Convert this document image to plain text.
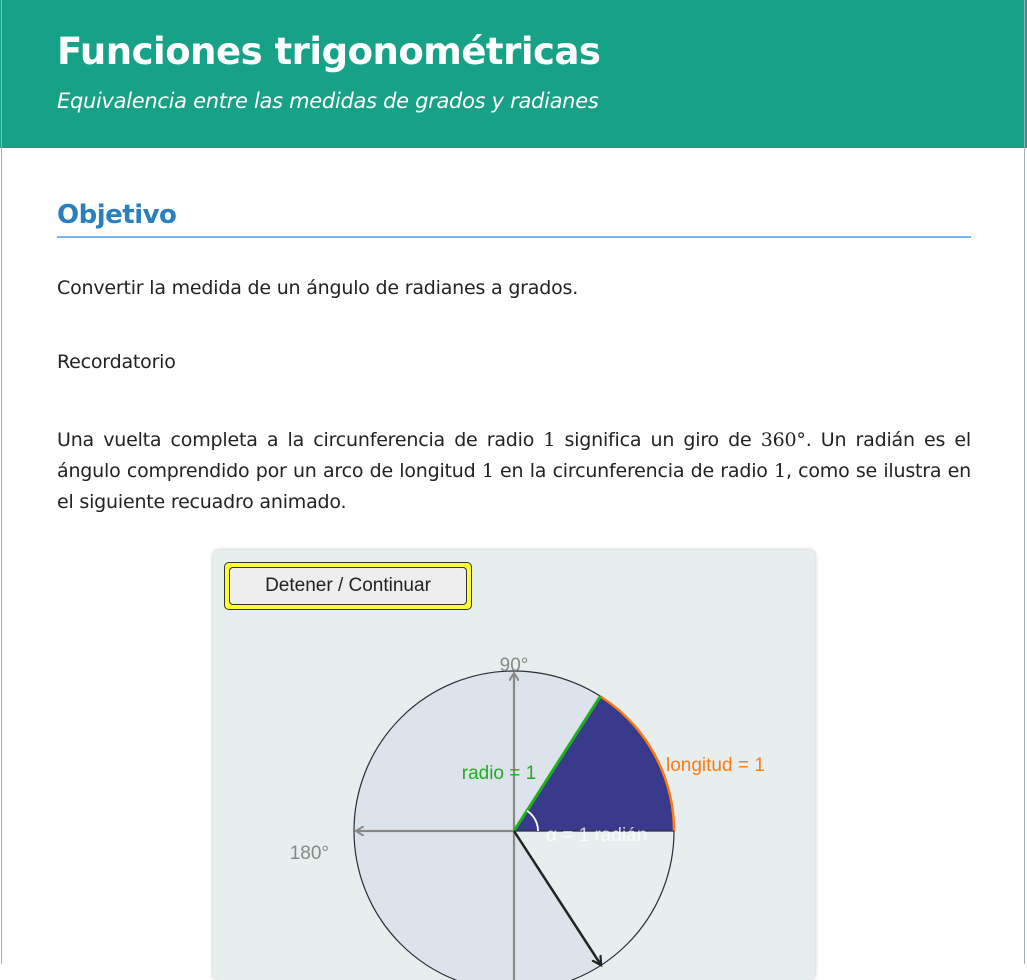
Funciones trigonométricas
Equivalencia entre las medidas de grados y radianes
Objetivo
Convertir la medida de un ángulo de radianes a grados.
Recordatorio
Una vuelta completa a la circunferencia de radio 1 significa un giro de 360°. Un radián es el ángulo comprendido por un arco de longitud 1 en la circunferencia de radio 1, como se ilustra en el siguiente recuadro animado.
Detener / Continuar
90°
180°
radio = 1	longitud = 1
α = 1 radián
